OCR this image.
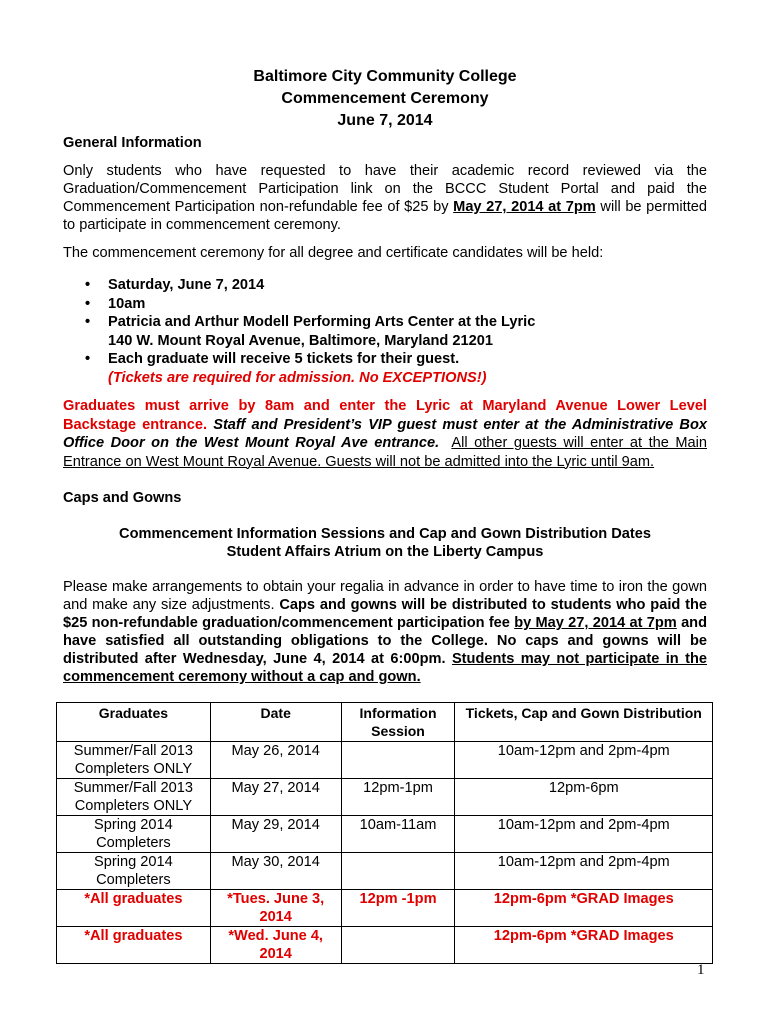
Baltimore City Community College
Commencement Ceremony
June 7, 2014
General Information

Only students who have requested to have their academic record reviewed via the Graduation/Commencement Participation link on the BCCC Student Portal and paid the Commencement Participation non-refundable fee of $25 by May 27, 2014 at 7pm will be permitted to participate in commencement ceremony.

The commencement ceremony for all degree and certificate candidates will be held:

• Saturday, June 7, 2014
• 10am
• Patricia and Arthur Modell Performing Arts Center at the Lyric
140 W. Mount Royal Avenue, Baltimore, Maryland 21201
• Each graduate will receive 5 tickets for their guest.
(Tickets are required for admission. No EXCEPTIONS!)

Graduates must arrive by 8am and enter the Lyric at Maryland Avenue Lower Level Backstage entrance. Staff and President’s VIP guest must enter at the Administrative Box Office Door on the West Mount Royal Ave entrance. All other guests will enter at the Main Entrance on West Mount Royal Avenue. Guests will not be admitted into the Lyric until 9am.

Caps and Gowns
Commencement Information Sessions and Cap and Gown Distribution Dates
Student Affairs Atrium on the Liberty Campus

Please make arrangements to obtain your regalia in advance in order to have time to iron the gown and make any size adjustments. Caps and gowns will be distributed to students who paid the $25 non-refundable graduation/commencement participation fee by May 27, 2014 at 7pm and have satisfied all outstanding obligations to the College. No caps and gowns will be distributed after Wednesday, June 4, 2014 at 6:00pm. Students may not participate in the commencement ceremony without a cap and gown.

Graduates	Date	Information Session	Tickets, Cap and Gown Distribution
Summer/Fall 2013 Completers ONLY	May 26, 2014		10am-12pm and 2pm-4pm
Summer/Fall 2013 Completers ONLY	May 27, 2014	12pm-1pm	12pm-6pm
Spring 2014 Completers	May 29, 2014	10am-11am	10am-12pm and 2pm-4pm
Spring 2014 Completers	May 30, 2014		10am-12pm and 2pm-4pm
*All graduates	*Tues. June 3, 2014	12pm -1pm	12pm-6pm *GRAD Images
*All graduates	*Wed. June 4, 2014		12pm-6pm *GRAD Images
1
